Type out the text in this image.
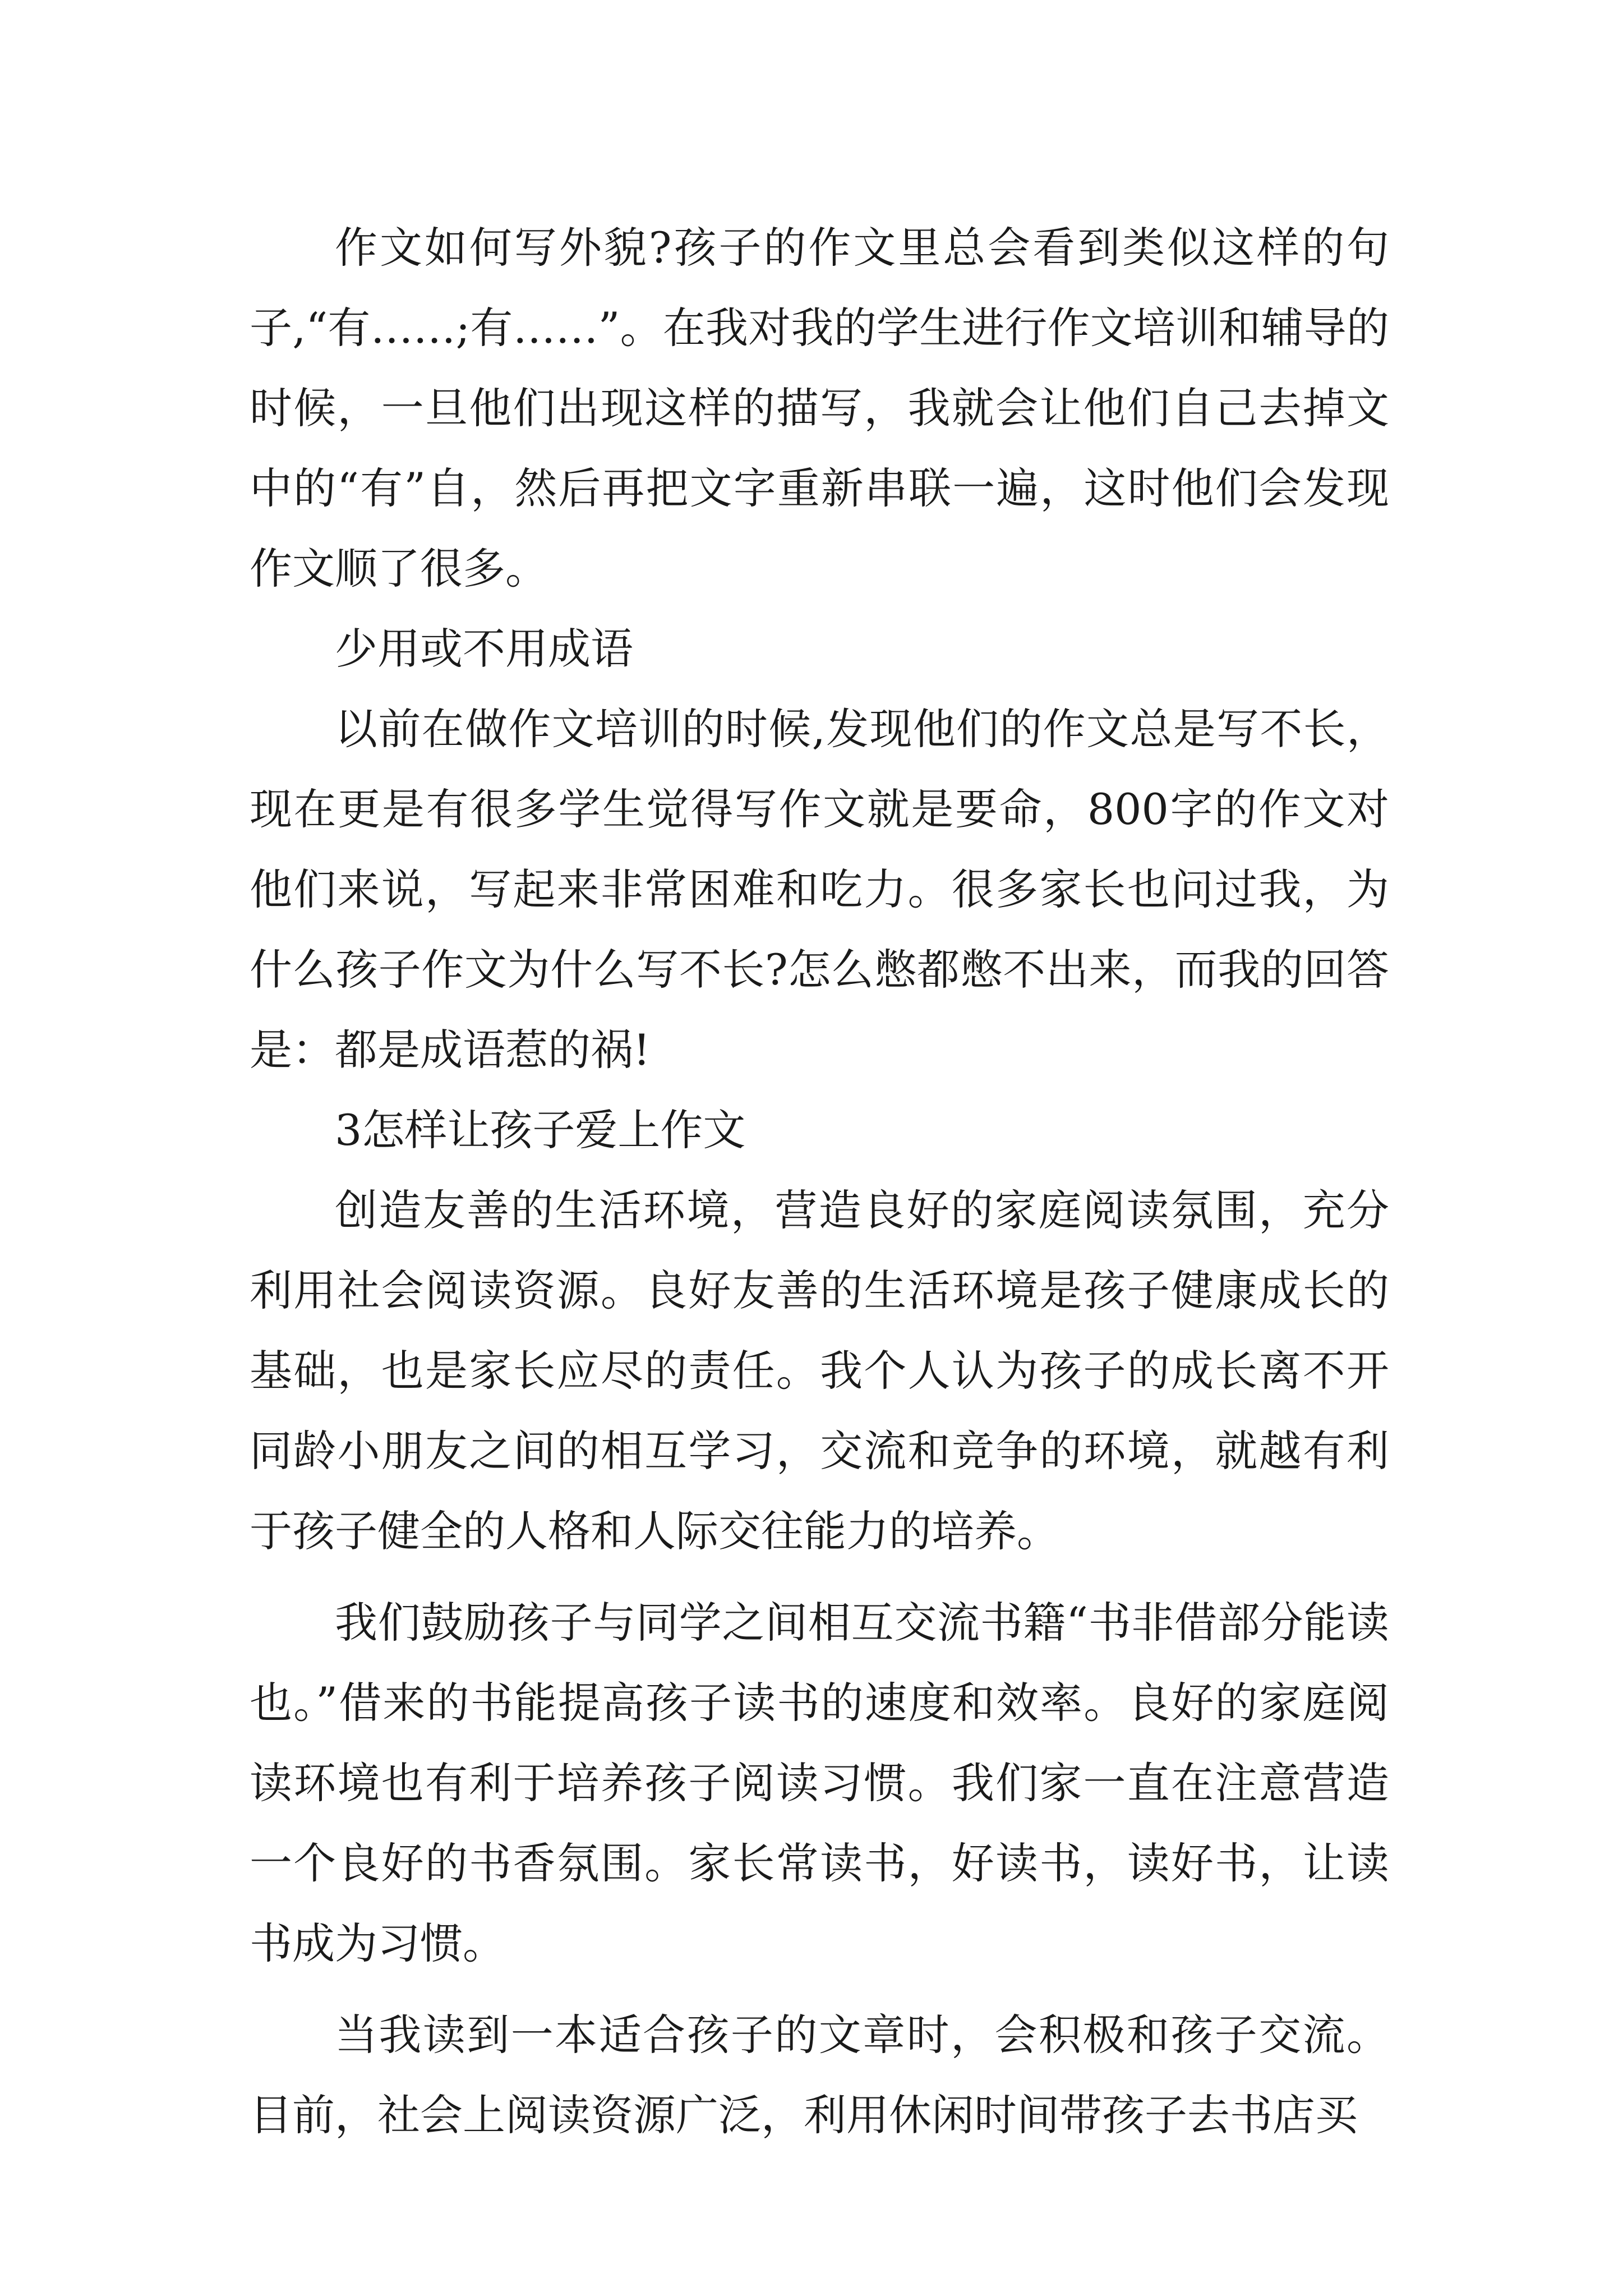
作文如何写外貌?孩子的作文里总会看到类似这样的句子,“有……;有……”。在我对我的学生进行作文培训和辅导的时候，一旦他们出现这样的描写，我就会让他们自己去掉文中的“有”自，然后再把文字重新串联一遍，这时他们会发现作文顺了很多。

少用或不用成语

以前在做作文培训的时候,发现他们的作文总是写不长，现在更是有很多学生觉得写作文就是要命，800字的作文对他们来说，写起来非常困难和吃力。很多家长也问过我，为什么孩子作文为什么写不长?怎么憋都憋不出来，而我的回答是：都是成语惹的祸!

3怎样让孩子爱上作文

创造友善的生活环境，营造良好的家庭阅读氛围，充分利用社会阅读资源。良好友善的生活环境是孩子健康成长的基础，也是家长应尽的责任。我个人认为孩子的成长离不开同龄小朋友之间的相互学习，交流和竞争的环境，就越有利于孩子健全的人格和人际交往能力的培养。

我们鼓励孩子与同学之间相互交流书籍“书非借部分能读也。”借来的书能提高孩子读书的速度和效率。良好的家庭阅读环境也有利于培养孩子阅读习惯。我们家一直在注意营造一个良好的书香氛围。家长常读书，好读书，读好书，让读书成为习惯。

当我读到一本适合孩子的文章时，会积极和孩子交流。目前，社会上阅读资源广泛，利用休闲时间带孩子去书店买
